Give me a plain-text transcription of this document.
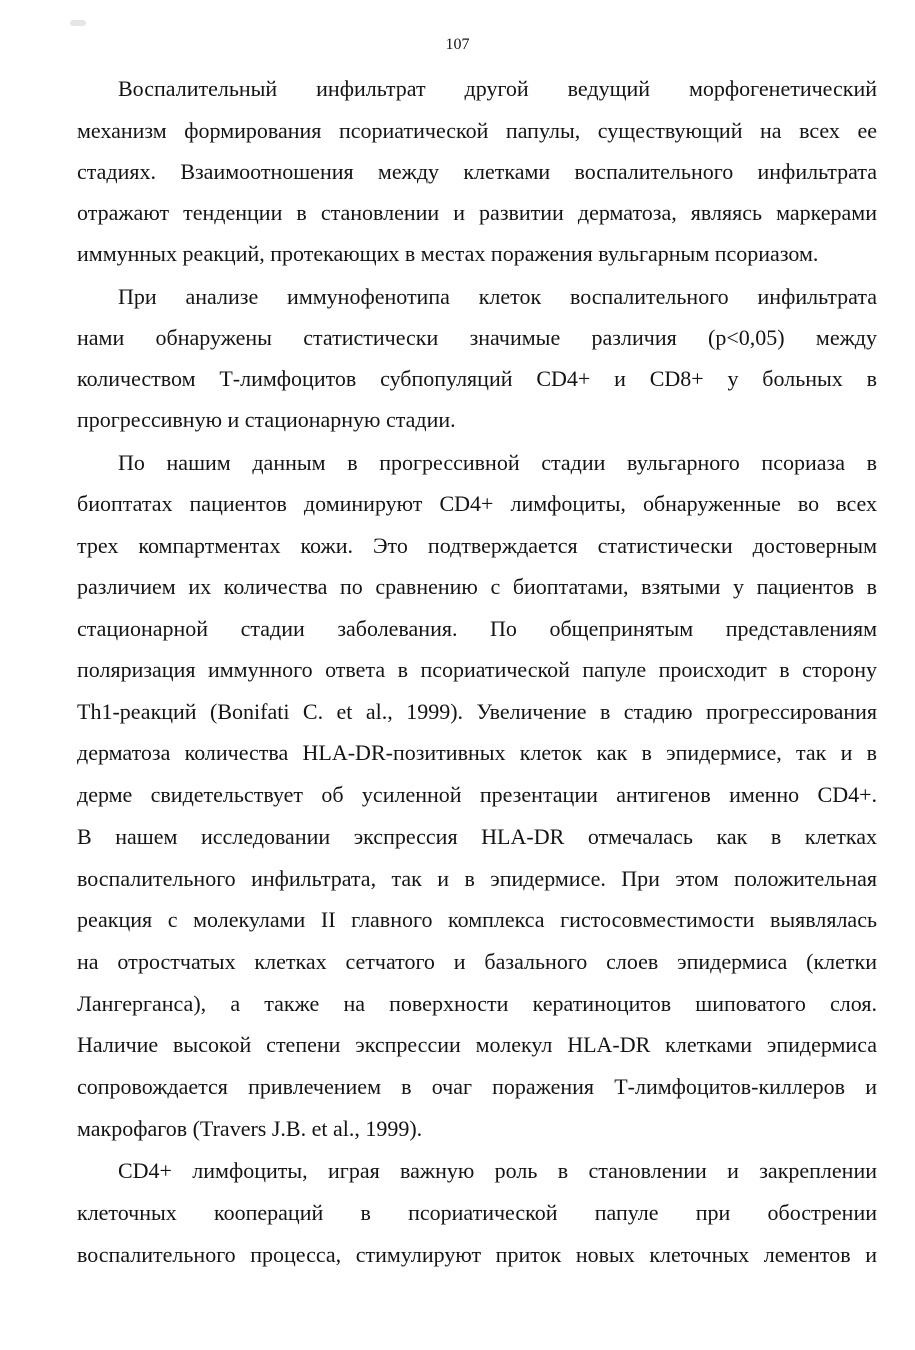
107
Воспалительный инфильтрат другой ведущий морфогенетический
механизм формирования псориатической папулы, существующий на всех ее
стадиях. Взаимоотношения между клетками воспалительного инфильтрата
отражают тенденции в становлении и развитии дерматоза, являясь маркерами
иммунных реакций, протекающих в местах поражения вульгарным псориазом.
При анализе иммунофенотипа клеток воспалительного инфильтрата
нами обнаружены статистически значимые различия (р<0,05) между
количеством Т-лимфоцитов субпопуляций CD4+ и CD8+ у больных в
прогрессивную и стационарную стадии.
По нашим данным в прогрессивной стадии вульгарного псориаза в
биоптатах пациентов доминируют CD4+ лимфоциты, обнаруженные во всех
трех компартментах кожи. Это подтверждается статистически достоверным
различием их количества по сравнению с биоптатами, взятыми у пациентов в
стационарной стадии заболевания. По общепринятым представлениям
поляризация иммунного ответа в псориатической папуле происходит в сторону
Th1-реакций (Bonifati С. et al., 1999). Увеличение в стадию прогрессирования
дерматоза количества HLA-DR-позитивных клеток как в эпидермисе, так и в
дерме свидетельствует об усиленной презентации антигенов именно CD4+.
В нашем исследовании экспрессия HLA-DR отмечалась как в клетках
воспалительного инфильтрата, так и в эпидермисе. При этом положительная
реакция с молекулами II главного комплекса гистосовместимости выявлялась
на отростчатых клетках сетчатого и базального слоев эпидермиса (клетки
Лангерганса), а также на поверхности кератиноцитов шиповатого слоя.
Наличие высокой степени экспрессии молекул HLA-DR клетками эпидермиса
сопровождается привлечением в очаг поражения Т-лимфоцитов-киллеров и
макрофагов (Travers J.B. et al., 1999).
CD4+ лимфоциты, играя важную роль в становлении и закреплении
клеточных коопераций в псориатической папуле при обострении
воспалительного процесса, стимулируют приток новых клеточных лементов и
